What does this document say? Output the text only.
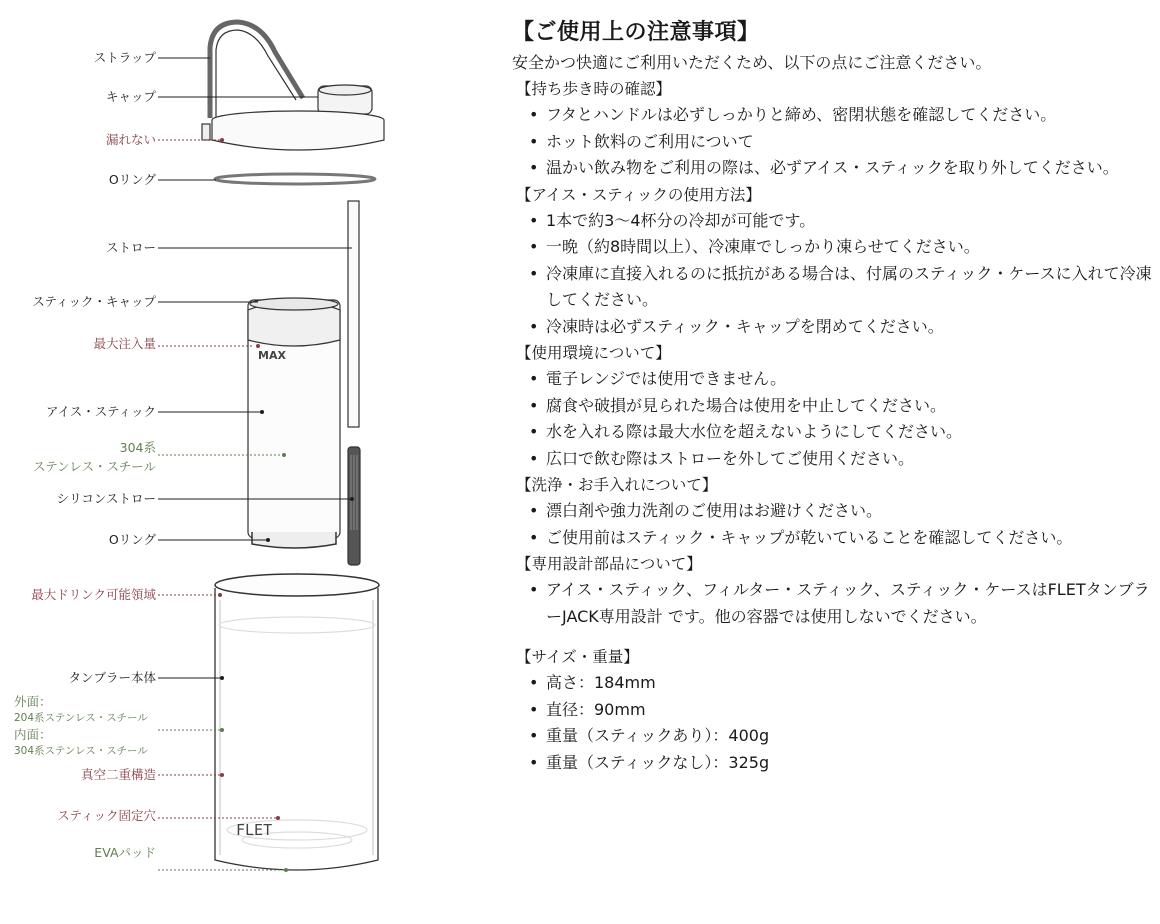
MAX
FLET
ストラップ
キャップ
漏れない
Oリング
ストロー
スティック・キャップ
最大注入量
アイス・スティック
304系
ステンレス・スチール
シリコンストロー
Oリング
最大ドリンク可能領域
タンブラー本体
外面：
204系ステンレス・スチール
内面：
304系ステンレス・スチール
真空二重構造
スティック固定穴
EVAパッド
【ご使用上の注意事項】
安全かつ快適にご利用いただくため、以下の点にご注意ください。
【持ち歩き時の確認】
• フタとハンドルは必ずしっかりと締め、密閉状態を確認してください。
• ホット飲料のご利用について
• 温かい飲み物をご利用の際は、必ずアイス・スティックを取り外してください。
【アイス・スティックの使用方法】
• 1本で約3〜4杯分の冷却が可能です。
• 一晩（約8時間以上）、冷凍庫でしっかり凍らせてください。
• 冷凍庫に直接入れるのに抵抗がある場合は、付属のスティック・ケースに入れて冷凍してください。
• 冷凍時は必ずスティック・キャップを閉めてください。
【使用環境について】
• 電子レンジでは使用できません。
• 腐食や破損が見られた場合は使用を中止してください。
• 水を入れる際は最大水位を超えないようにしてください。
• 広口で飲む際はストローを外してご使用ください。
【洗浄・お手入れについて】
• 漂白剤や強力洗剤のご使用はお避けください。
• ご使用前はスティック・キャップが乾いていることを確認してください。
【専用設計部品について】
• アイス・スティック、フィルター・スティック、スティック・ケースはFLETタンブラーJACK専用設計 です。他の容器では使用しないでください。
【サイズ・重量】
• 高さ：184mm
• 直径：90mm
• 重量（スティックあり）：400g
• 重量（スティックなし）：325g
